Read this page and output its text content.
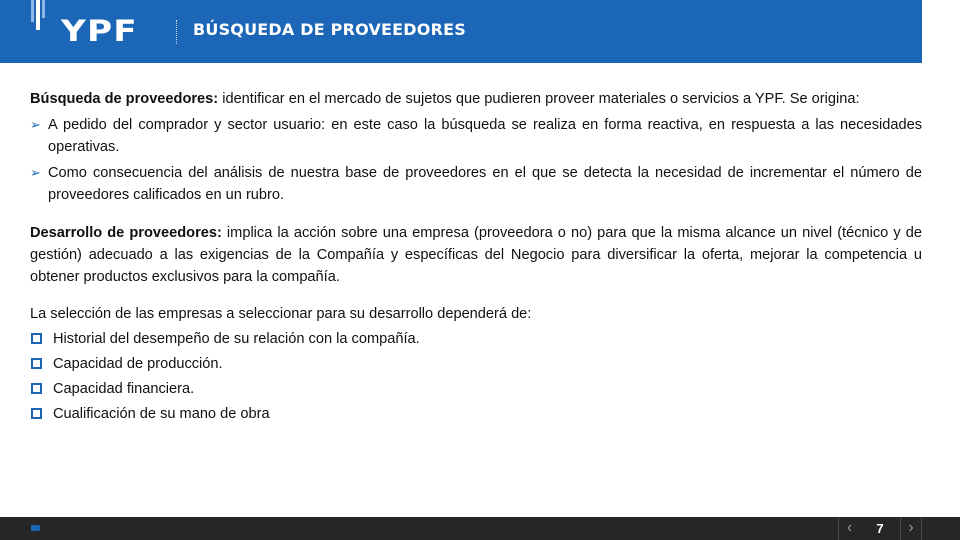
YPF	BÚSQUEDA DE PROVEEDORES
Búsqueda de proveedores: identificar en el mercado de sujetos que pudieren proveer materiales o servicios a YPF. Se origina:
➢ A pedido del comprador y sector usuario: en este caso la búsqueda se realiza en forma reactiva, en respuesta a las necesidades operativas.
➢ Como consecuencia del análisis de nuestra base de proveedores en el que se detecta la necesidad de incrementar el número de proveedores calificados en un rubro.
Desarrollo de proveedores: implica la acción sobre una empresa (proveedora o no) para que la misma alcance un nivel (técnico y de gestión) adecuado a las exigencias de la Compañía y específicas del Negocio para diversificar la oferta, mejorar la competencia u obtener productos exclusivos para la compañía.
La selección de las empresas a seleccionar para su desarrollo dependerá de:
Historial del desempeño de su relación con la compañía.
Capacidad de producción.
Capacidad financiera.
Cualificación de su mano de obra
‹	7	›
